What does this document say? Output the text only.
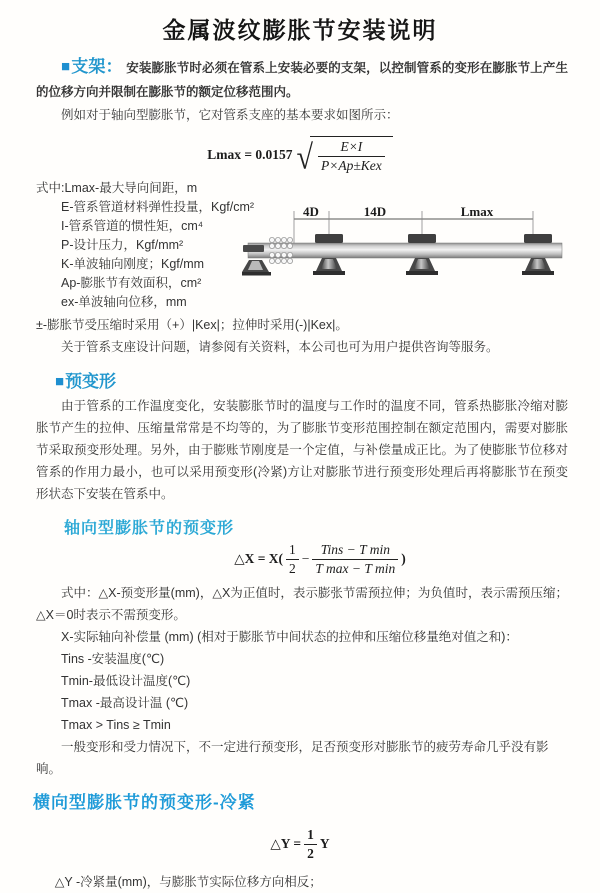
金属波纹膨胀节安装说明
■支架： 安装膨胀节时必须在管系上安装必要的支架，以控制管系的变形在膨胀节上产生的位移方向并限制在膨胀节的额定位移范围内。
例如对于轴向型膨胀节，它对管系支座的基本要求如图所示：
Lmax = 0.0157 √ $\frac{E\times I}{\text{P×Ap±Kex}}$
式中:Lmax-最大导向间距，m
E-管系管道材料弹性投量，Kgf/cm²
I-管系管道的惯性矩，cm⁴
P-设计压力，Kgf/mm²
K-单波轴向刚度；Kgf/mm
Ap-膨胀节有效面积，cm²
ex-单波轴向位移，mm
4D	14D	Lmax
±-膨胀节受压缩时采用（+）|Kex|；拉伸时采用(-)|Kex|。
关于管系支座设计问题，请参阅有关资料，本公司也可为用户提供咨询等服务。
■预变形
由于管系的工作温度变化，安装膨胀节时的温度与工作时的温度不同，管系热膨胀冷缩对膨胀节产生的拉伸、压缩量常常是不均等的，为了膨胀节变形范围控制在额定范围内，需要对膨胀节采取预变形处理。另外，由于膨账节刚度是一个定值，与补偿量成正比。为了使膨胀节位移对管系的作用力最小，也可以采用预变形(冷紧)方让对膨胀节进行预变形处理后再将膨胀节在预变形状态下安装在管系中。
轴向型膨胀节的预变形
△X = $X( \frac{1}{2} - \frac{\text{Tins − T min}}{\text{T max − T min}}$ )
式中：△X-预变形量(mm)，△X为正值时，表示膨张节需预拉伸；为负值时，表示需预压缩；△X＝0时表示不需预变形。
X-实际轴向补偿量 (mm) (相对于膨胀节中间状态的拉伸和压缩位移量绝对值之和)：
Tins -安装温度(℃)
Tmin-最低设计温度(℃)
Tmax -最高设计温 (℃)
Tmax > Tins ≥ Tmin
一般变形和受力情况下，不一定进行预变形，足否预变形对膨胀节的疲劳寿命几乎没有影响。
横向型膨胀节的预变形-冷紧
△Y = $\frac{1}{2}$ Y
△Y -冷紧量(mm)，与膨胀节实际位移方向相反；
